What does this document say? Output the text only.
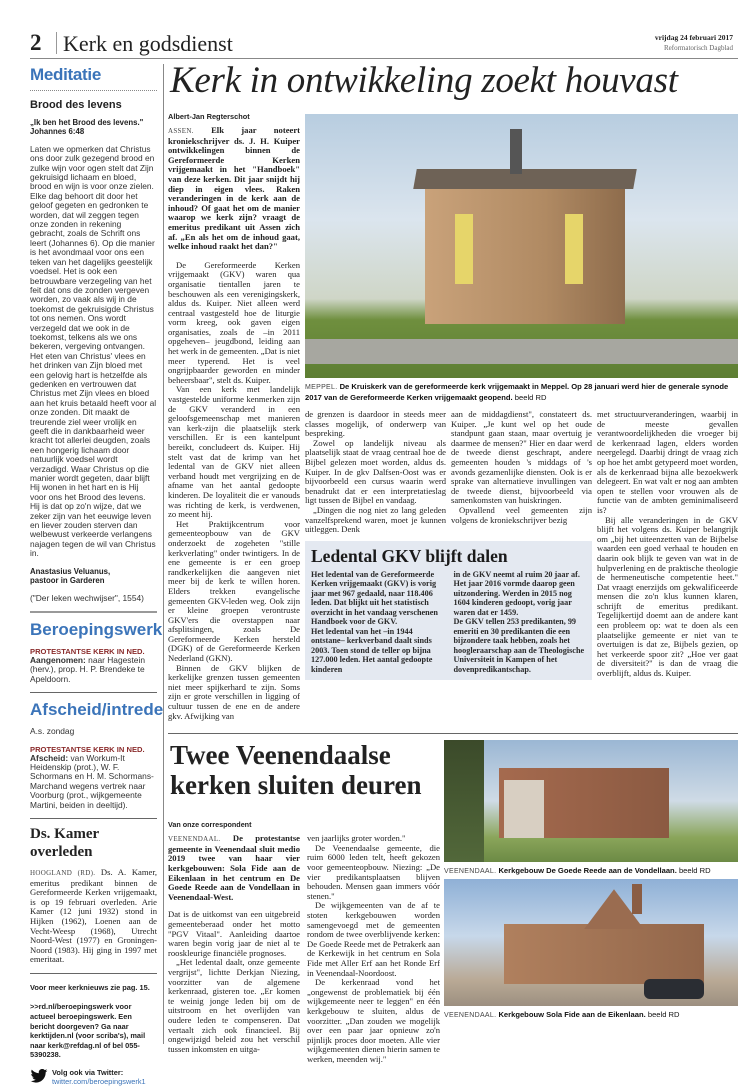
2 Kerk en godsdienst	vrijdag 24 februari 2017
Reformatorisch Dagblad
Meditatie
Brood des levens
„Ik ben het Brood des levens." Johannes 6:48

Laten we opmerken dat Christus ons door zulk gezegend brood en zulke wijn voor ogen stelt dat Zijn gekruisigd lichaam en bloed, brood en wijn is voor onze zielen. Elke dag behoort dit door het geloof gegeten en gedronken te worden, dat wil zeggen tegen onze zonden in rekening gebracht, zoals de Schrift ons leert (Johannes 6). Op die manier is het avondmaal voor ons een teken van het dagelijks geestelijk voedsel. Het is ook een betrouwbare verzegeling van het feit dat ons de zonden vergeven worden, zo vaak als wij in de toekomst de gekruisigde Christus tot ons nemen. Ons wordt verzegeld dat we ook in de toekomst, telkens als we ons bekeren, vergeving ontvangen. Het eten van Christus' vlees en het drinken van Zijn bloed met een gelovig hart is hetzelfde als gedenken en vertrouwen dat Christus met Zijn vlees en bloed aan het kruis betaald heeft voor al onze zonden. Dit maakt de treurende ziel weer vrolijk en geeft die in dankbaarheid weer kracht tot allerlei deugden, zoals een hongerig lichaam door natuurlijk voedsel wordt verzadigd. Waar Christus op die manier wordt gegeten, daar blijft Hij wonen in het hart en is Hij voor ons het Brood des levens. Hij is dat op zo'n wijze, dat we zeker zijn van het eeuwige leven en liever zouden sterven dan welbewust verkeerde verlangens najagen tegen de wil van Christus in.

Anastasius Veluanus, pastoor in Garderen
("Der leken wechwijser", 1554)
Beroepingswerk
PROTESTANTSE KERK IN NED.

Aangenomen: naar Hagestein (herv.), prop. H. P. Brendeke te Apeldoorn.

Afscheid/intrede
A.s. zondag
PROTESTANTSE KERK IN NED.

Afscheid: van Workum-It Heidenskip (prot.), W. F. Schormans en H. M. Schormans-Marchand wegens vertrek naar Voorburg (prot., wijkgemeente Martini, beiden in deeltijd).

Ds. Kamer overleden

HOOGLAND (RD). Ds. A. Kamer, emeritus predikant binnen de Gereformeerde Kerken vrijgemaakt, is op 19 februari overleden. Arie Kamer (12 juni 1932) stond in Hijken (1962), Loenen aan de Vecht-Weesp (1968), Utrecht Noord-West (1977) en Groningen-Noord (1983). Hij ging in 1997 met emeritaat.

Voor meer kerknieuws zie pag. 15.
>>rd.nl/beroepingswerk voor actueel beroepingswerk. Een bericht doorgeven? Ga naar kerktijden.nl (voor scriba's), mail naar kerk@refdag.nl of bel 055-5390238.
Volg ook via Twitter:
twitter.com/beroepingswerk1
Kerk in ontwikkeling zoekt houvast
Albert-Jan Regterschot

ASSEN. Elk jaar noteert kroniekschrijver ds. J. H. Kuiper ontwikkelingen binnen de Gereformeerde Kerken vrijgemaakt in het "Handboek" van deze kerken. Dit jaar snijdt hij diep in eigen vlees. Raken veranderingen in de kerk aan de inhoud? Of gaat het om de manier waarop we kerk zijn? vraagt de emeritus predikant uit Assen zich af. „En als het om de inhoud gaat, welke inhoud raakt het dan?"

De Gereformeerde Kerken vrijgemaakt (GKV) waren qua organisatie tientallen jaren te beschouwen als een verenigingskerk, aldus ds. Kuiper. Niet alleen werd centraal vastgesteld hoe de liturgie vorm kreeg, ook gaven eigen organisaties, zoals de –in 2011 opgeheven– jeugdbond, leiding aan het werk in de gemeenten. „Dat is niet meer typerend. Het is veel ongrijpbaarder geworden en minder beheersbaar", stelt ds. Kuiper.

Van een kerk met landelijk vastgestelde uniforme kenmerken zijn de GKV veranderd in een geloofsgemeenschap met manieren van kerk-zijn die plaatselijk sterk verschillen. Er is een kantelpunt bereikt, concludeert ds. Kuiper. Hij stelt vast dat de krimp van het ledental van de GKV niet alleen verband houdt met vergrijzing en de afname van het aantal gedoopte kinderen. De loyaliteit die er vanouds was richting de kerk, is verdwenen, zo meent hij.

Het Praktijkcentrum voor gemeenteopbouw van de GKV onderzoekt de zogeheten "stille kerkverlating" onder twintigers. In de ene gemeente is er een groep randkerkelijken die aangeven niet meer bij de kerk te willen horen. Elders trekken evangelische gemeenten GKV-leden weg. Ook zijn er kleine groepen verontruste GKV'ers die overstappen naar afsplitsingen, zoals De Gereformeerde Kerken hersteld (DGK) of de Gereformeerde Kerken Nederland (GKN).

Binnen de GKV blijken de kerkelijke grenzen tussen gemeenten niet meer spijkerhard te zijn. Soms zijn er grote verschillen in ligging of cultuur tussen de ene en de andere gkv. Afwijking van

MEPPEL. De Kruiskerk van de gereformeerde kerk vrijgemaakt in Meppel. Op 28 januari werd hier de generale synode 2017 van de Gereformeerde Kerken vrijgemaakt geopend. beeld RD

de grenzen is daardoor in steeds meer classes mogelijk, of onderwerp van bespreking.

Zowel op landelijk niveau als plaatselijk staat de vraag centraal hoe de Bijbel gelezen moet worden, aldus ds. Kuiper. In de gkv Dalfsen-Oost was er bijvoorbeeld een cursus waarin werd benadrukt dat er een interpretatieslag ligt tussen de Bijbel en vandaag.

„Dingen die nog niet zo lang geleden vanzelfsprekend waren, moet je kunnen uitleggen. Denk

aan de middagdienst", constateert ds. Kuiper. „Je kunt wel op het oude standpunt gaan staan, maar overtuig je daarmee de mensen?" Hier en daar werd de tweede dienst geschrapt, andere gemeenten houden 's middags of 's avonds gezamenlijke diensten. Ook is er sprake van alternatieve invullingen van de tweede dienst, bijvoorbeeld via samenkomsten van huiskringen.

Opvallend veel gemeenten zijn volgens de kroniekschrijver bezig

Ledental GKV blijft dalen

Het ledental van de Gereformeerde Kerken vrijgemaakt (GKV) is vorig jaar met 967 gedaald, naar 118.406 leden. Dat blijkt uit het statistisch overzicht in het vandaag verschenen Handboek voor de GKV.

Het ledental van het –in 1944 ontstane– kerkverband daalt sinds 2003. Toen stond de teller op bijna 127.000 leden. Het aantal gedoopte kinderen

in de GKV neemt al ruim 20 jaar af. Het jaar 2016 vormde daarop geen uitzondering. Werden in 2015 nog 1604 kinderen gedoopt, vorig jaar waren dat er 1459.

De GKV tellen 253 predikanten, 99 emeriti en 30 predikanten die een bijzondere taak hebben, zoals het hoogleraarschap aan de Theologische Universiteit in Kampen of het dovenpredikantschap.

met structuurveranderingen, waarbij in de meeste gevallen verantwoordelijkheden die vroeger bij de kerkenraad lagen, elders worden neergelegd. Daarbij dringt de vraag zich op hoe het ambt getypeerd moet worden, als de kerkenraad bijna alle bezoekwerk delegeert. En wat valt er nog aan ambten open te stellen voor vrouwen als de functie van de ambten geminimaliseerd is?

Bij alle veranderingen in de GKV blijft het volgens ds. Kuiper belangrijk om „bij het uiteenzetten van de Bijbelse waarden een goed verhaal te houden en daarin ook blijk te geven van wat in de hulpverlening en de praktische theologie de hermeneutische competentie heet." Dat vraagt enerzijds om gekwalificeerde mensen die zo'n klus kunnen klaren, schrijft de emeritus predikant. Tegelijkertijd doemt aan de andere kant een probleem op: wat te doen als een plaatselijke gemeente er niet van te overtuigen is dat ze, Bijbels gezien, op het verkeerde spoor zit? „Hoe ver gaat de diversiteit?" is dan de vraag die overblijft, aldus ds. Kuiper.

Twee Veenendaalse kerken sluiten deuren
Van onze correspondent

VEENENDAAL. De protestantse gemeente in Veenendaal sluit medio 2019 twee van haar vier kerkgebouwen: Sola Fide aan de Eikenlaan in het centrum en De Goede Reede aan de Vondellaan in Veenendaal-West.

Dat is de uitkomst van een uitgebreid gemeenteberaad onder het motto "PGV Vitaal". Aanleiding daartoe waren begin vorig jaar de niet al te rooskleurige financiële prognoses.

„Het ledental daalt, onze gemeente vergrijst", lichtte Derkjan Niezing, voorzitter van de algemene kerkenraad, gisteren toe. „Er komen te weinig jonge leden bij om de uitstroom en het overlijden van oudere leden te compenseren. Dat vertaalt zich ook financieel. Bij ongewijzigd beleid zou het verschil tussen inkomsten en uitga-

ven jaarlijks groter worden."

De Veenendaalse gemeente, die ruim 6000 leden telt, heeft gekozen voor gemeenteopbouw. Niezing: „De vier predikantsplaatsen blijven behouden. Mensen gaan immers vóór stenen."

De wijkgemeenten van de af te stoten kerkgebouwen worden samengevoegd met de gemeenten rondom de twee overblijvende kerken: De Goede Reede met de Petrakerk aan de Kerkewijk in het centrum en Sola Fide met Aller Erf aan het Ronde Erf in Veenendaal-Noordoost.

De kerkenraad vond het „ongewenst de problematiek bij één wijkgemeente neer te leggen" en één kerkgebouw te sluiten, aldus de voorzitter. „Dan zouden we mogelijk over een paar jaar opnieuw zo'n pijnlijk proces door moeten. Alle vier wijkgemeenten dienen hierin samen te werken, meenden wij."

VEENENDAAL. Kerkgebouw De Goede Reede aan de Vondellaan. beeld RD
VEENENDAAL. Kerkgebouw Sola Fide aan de Eikenlaan. beeld RD
